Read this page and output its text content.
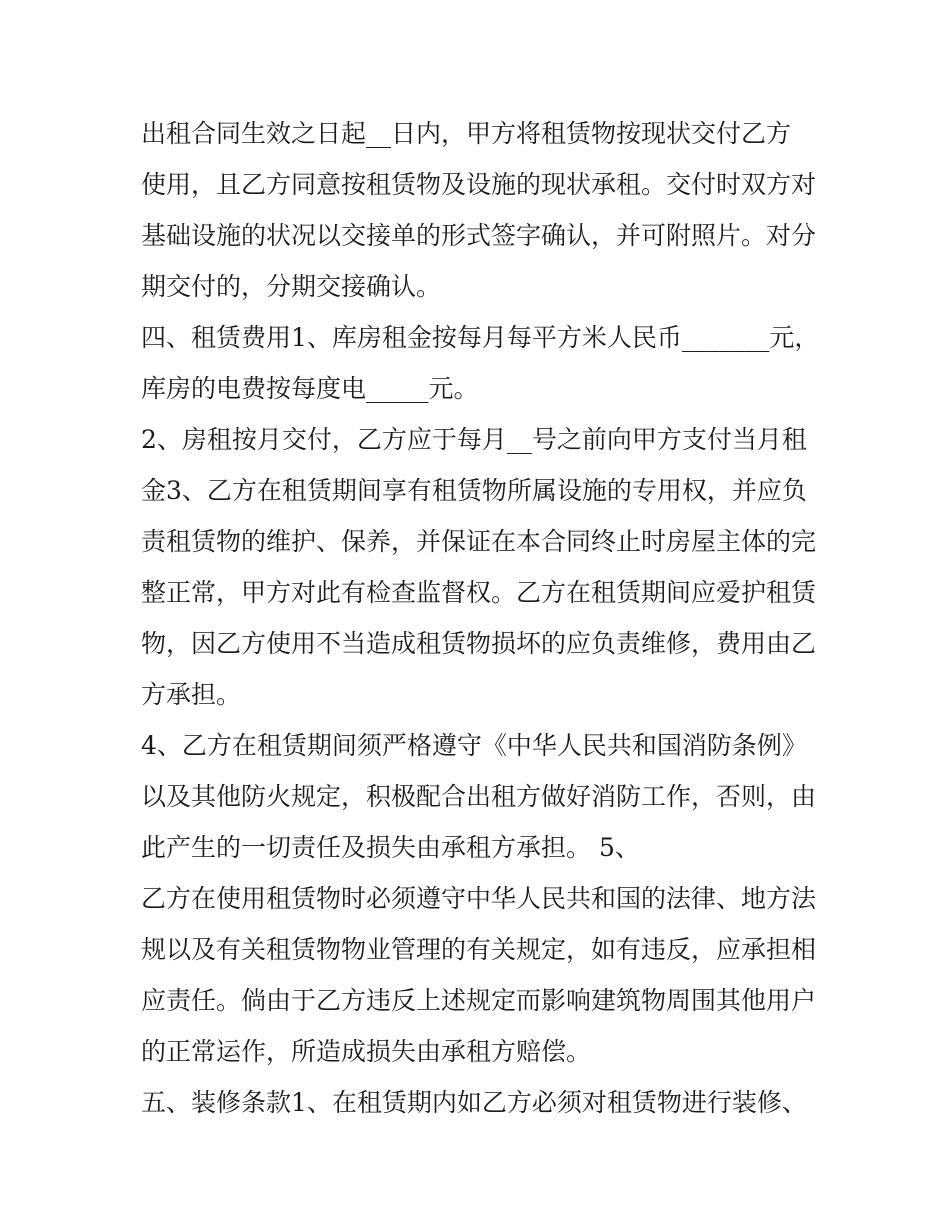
出租合同生效之日起__日内，甲方将租赁物按现状交付乙方
使用，且乙方同意按租赁物及设施的现状承租。交付时双方对
基础设施的状况以交接单的形式签字确认，并可附照片。对分
期交付的，分期交接确认。
四、租赁费用1、库房租金按每月每平方米人民币_______元，
库房的电费按每度电_____元。
2、房租按月交付，乙方应于每月__号之前向甲方支付当月租
金3、乙方在租赁期间享有租赁物所属设施的专用权，并应负
责租赁物的维护、保养，并保证在本合同终止时房屋主体的完
整正常，甲方对此有检查监督权。乙方在租赁期间应爱护租赁
物，因乙方使用不当造成租赁物损坏的应负责维修，费用由乙
方承担。
4、乙方在租赁期间须严格遵守《中华人民共和国消防条例》
以及其他防火规定，积极配合出租方做好消防工作，否则，由
此产生的一切责任及损失由承租方承担。 5、
乙方在使用租赁物时必须遵守中华人民共和国的法律、地方法
规以及有关租赁物物业管理的有关规定，如有违反，应承担相
应责任。倘由于乙方违反上述规定而影响建筑物周围其他用户
的正常运作，所造成损失由承租方赔偿。
五、装修条款1、在租赁期内如乙方必须对租赁物进行装修、
